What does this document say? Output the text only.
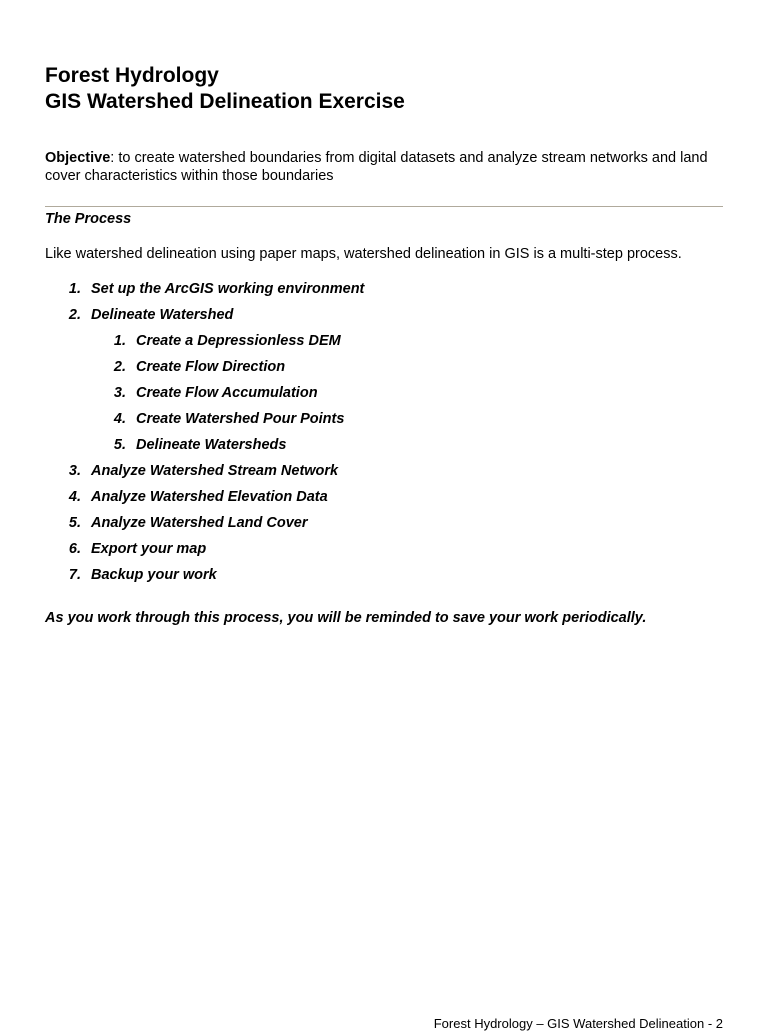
Forest Hydrology
GIS Watershed Delineation Exercise
Objective: to create watershed boundaries from digital datasets and analyze stream networks and land cover characteristics within those boundaries
The Process
Like watershed delineation using paper maps, watershed delineation in GIS is a multi-step process.
1. Set up the ArcGIS working environment
2. Delineate Watershed
1. Create a Depressionless DEM
2. Create Flow Direction
3. Create Flow Accumulation
4. Create Watershed Pour Points
5. Delineate Watersheds
3. Analyze Watershed Stream Network
4. Analyze Watershed Elevation Data
5. Analyze Watershed Land Cover
6. Export your map
7. Backup your work
As you work through this process, you will be reminded to save your work periodically.
Forest Hydrology – GIS Watershed Delineation - 2
